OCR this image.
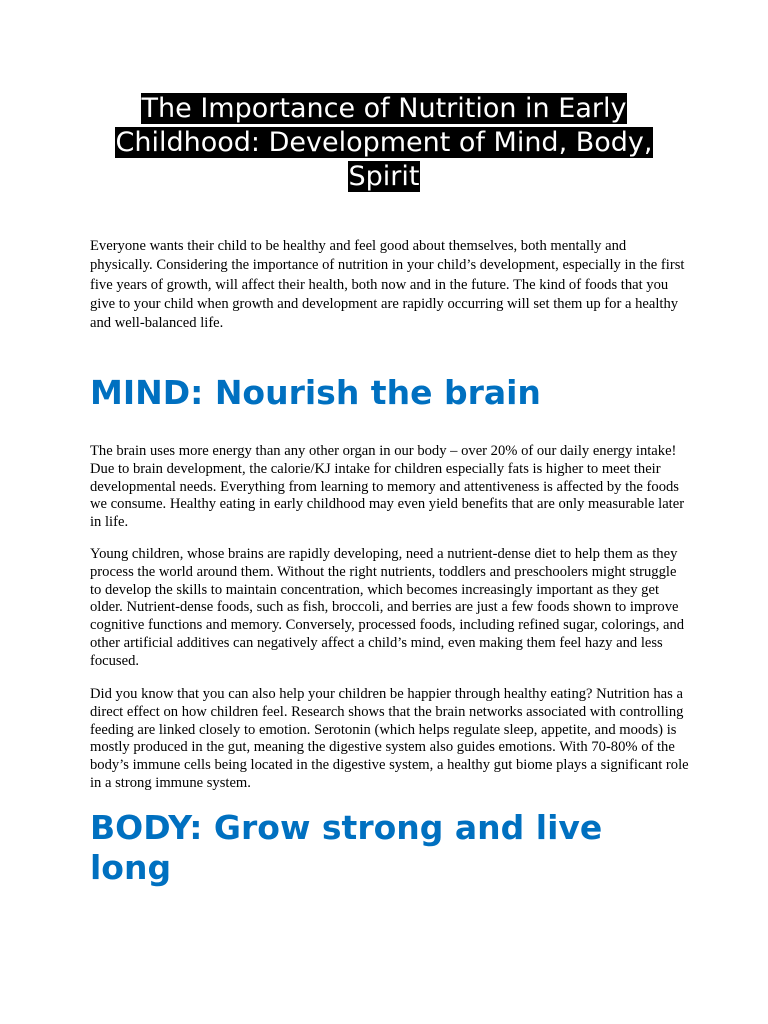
The Importance of Nutrition in Early Childhood: Development of Mind, Body, Spirit

Everyone wants their child to be healthy and feel good about themselves, both mentally and physically. Considering the importance of nutrition in your child’s development, especially in the first five years of growth, will affect their health, both now and in the future. The kind of foods that you give to your child when growth and development are rapidly occurring will set them up for a healthy and well-balanced life.

MIND: Nourish the brain

The brain uses more energy than any other organ in our body – over 20% of our daily energy intake! Due to brain development, the calorie/KJ intake for children especially fats is higher to meet their developmental needs. Everything from learning to memory and attentiveness is affected by the foods we consume. Healthy eating in early childhood may even yield benefits that are only measurable later in life.

Young children, whose brains are rapidly developing, need a nutrient-dense diet to help them as they process the world around them. Without the right nutrients, toddlers and preschoolers might struggle to develop the skills to maintain concentration, which becomes increasingly important as they get older. Nutrient-dense foods, such as fish, broccoli, and berries are just a few foods shown to improve cognitive functions and memory. Conversely, processed foods, including refined sugar, colorings, and other artificial additives can negatively affect a child’s mind, even making them feel hazy and less focused.

Did you know that you can also help your children be happier through healthy eating? Nutrition has a direct effect on how children feel. Research shows that the brain networks associated with controlling feeding are linked closely to emotion. Serotonin (which helps regulate sleep, appetite, and moods) is mostly produced in the gut, meaning the digestive system also guides emotions. With 70-80% of the body’s immune cells being located in the digestive system, a healthy gut biome plays a significant role in a strong immune system.

BODY: Grow strong and live long
